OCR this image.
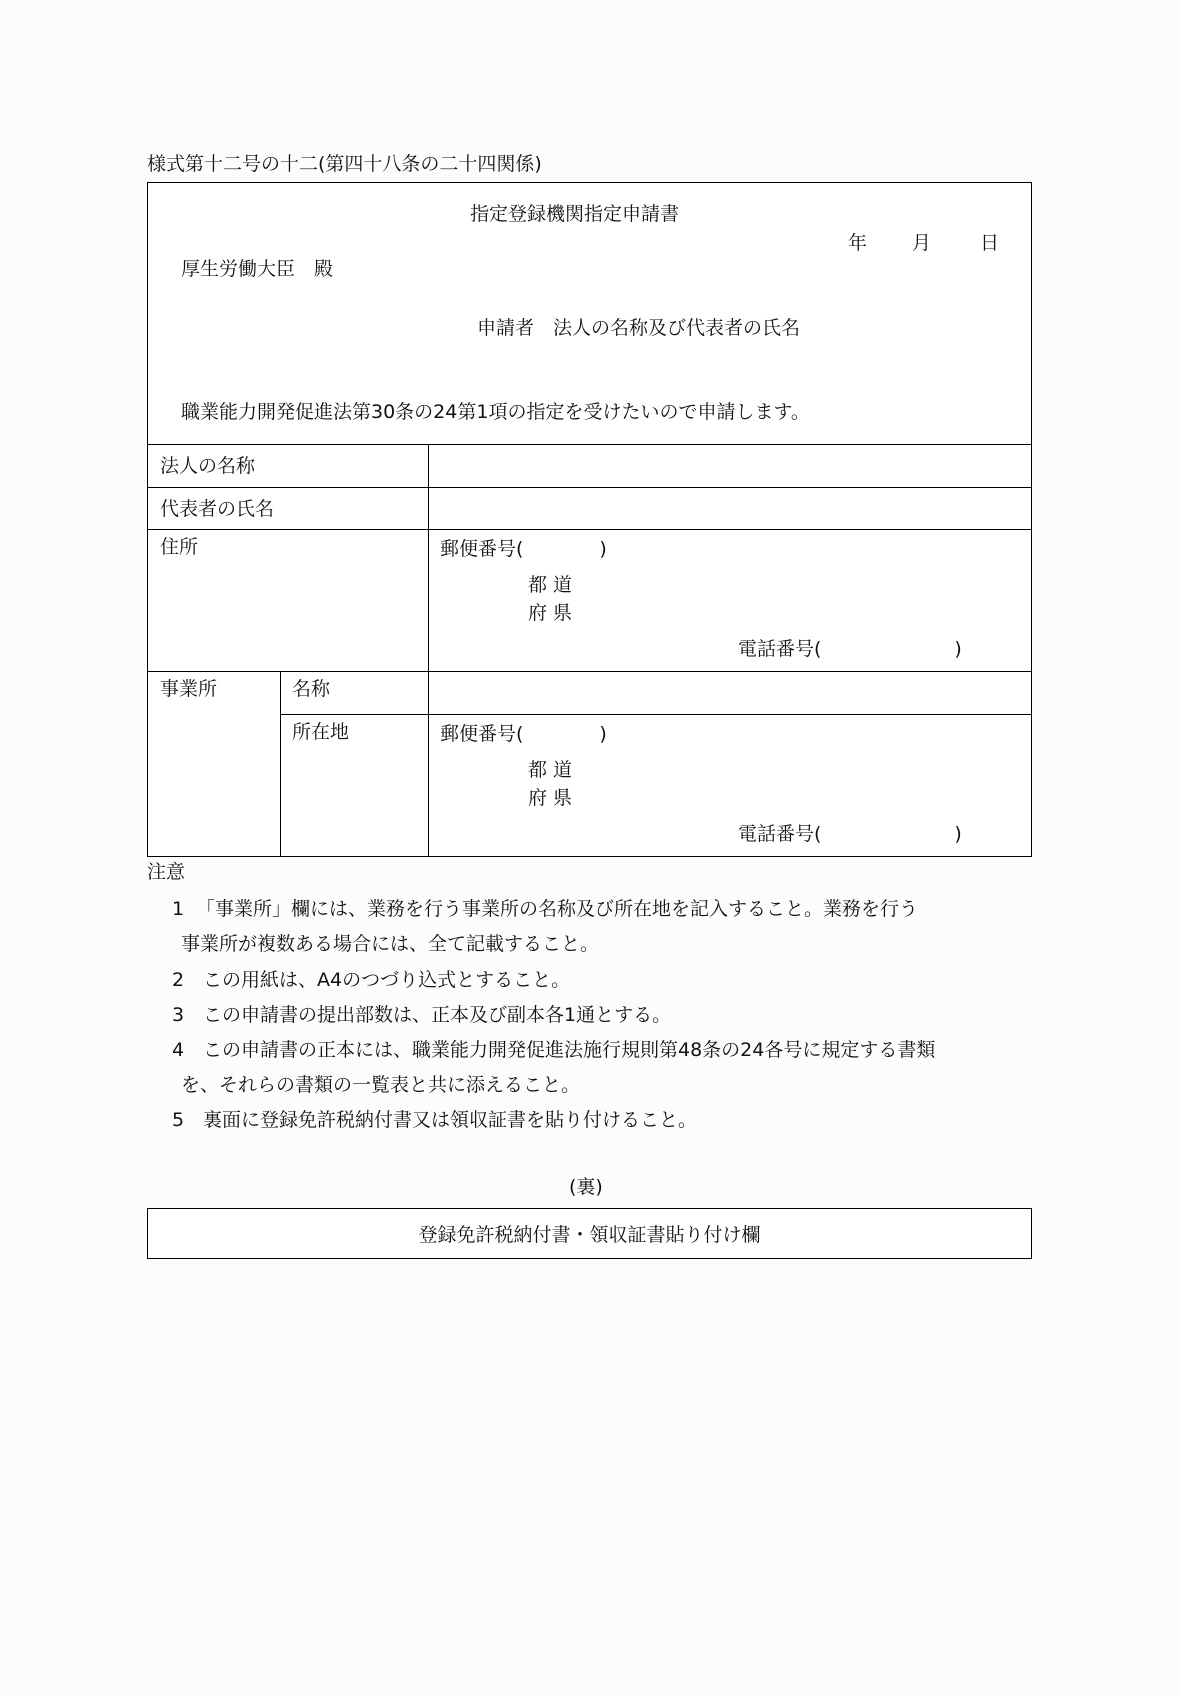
様式第十二号の十二(第四十八条の二十四関係)
指定登録機関指定申請書
年 月	日
厚生労働大臣　殿
申請者　法人の名称及び代表者の氏名
職業能力開発促進法第30条の24第1項の指定を受けたいので申請します。
法人の名称
代表者の氏名
住所	郵便番号(　　　　)
都 道
府 県
電話番号(　　　　　　　)
事業所	名称
所在地	郵便番号(　　　　)
都 道
府 県
電話番号(　　　　　　　)
注意
1 「事業所」欄には、業務を行う事業所の名称及び所在地を記入すること。業務を行う
事業所が複数ある場合には、全て記載すること。
2 この用紙は、A4のつづり込式とすること。
3 この申請書の提出部数は、正本及び副本各1通とする。
4 この申請書の正本には、職業能力開発促進法施行規則第48条の24各号に規定する書類
を、それらの書類の一覧表と共に添えること。
5 裏面に登録免許税納付書又は領収証書を貼り付けること。
(裏)
登録免許税納付書・領収証書貼り付け欄
